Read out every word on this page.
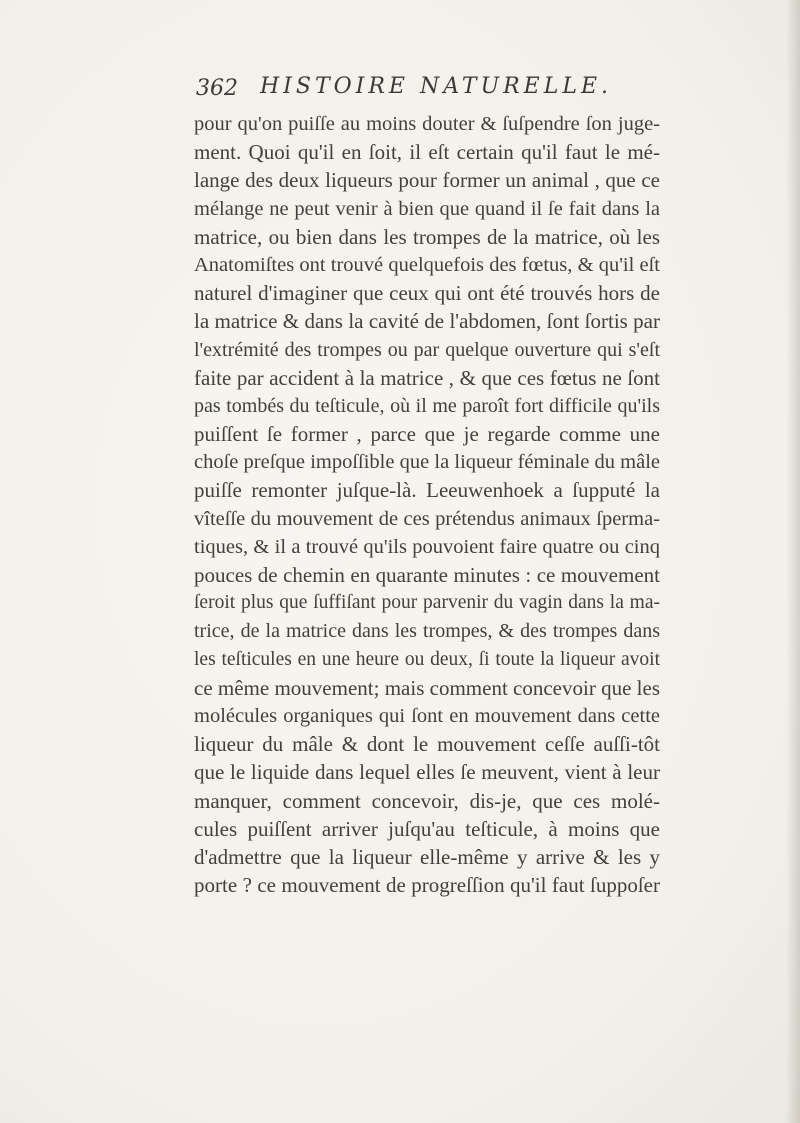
362 HISTOIRE NATURELLE.
pour qu'on puiſſe au moins douter & ſuſpendre ſon juge-
ment. Quoi qu'il en ſoit, il eſt certain qu'il faut le mé-
lange des deux liqueurs pour former un animal , que ce
mélange ne peut venir à bien que quand il ſe fait dans la
matrice, ou bien dans les trompes de la matrice, où les
Anatomiſtes ont trouvé quelquefois des fœtus, & qu'il eſt
naturel d'imaginer que ceux qui ont été trouvés hors de
la matrice & dans la cavité de l'abdomen, ſont ſortis par
l'extrémité des trompes ou par quelque ouverture qui s'eſt
faite par accident à la matrice , & que ces fœtus ne ſont
pas tombés du teſticule, où il me paroît fort difficile qu'ils
puiſſent ſe former , parce que je regarde comme une
choſe preſque impoſſible que la liqueur féminale du mâle
puiſſe remonter juſque-là. Leeuwenhoek a ſupputé la
vîteſſe du mouvement de ces prétendus animaux ſperma-
tiques, & il a trouvé qu'ils pouvoient faire quatre ou cinq
pouces de chemin en quarante minutes : ce mouvement
ſeroit plus que ſuffiſant pour parvenir du vagin dans la ma-
trice, de la matrice dans les trompes, & des trompes dans
les teſticules en une heure ou deux, ſi toute la liqueur avoit
ce même mouvement; mais comment concevoir que les
molécules organiques qui ſont en mouvement dans cette
liqueur du mâle & dont le mouvement ceſſe auſſi-tôt
que le liquide dans lequel elles ſe meuvent, vient à leur
manquer, comment concevoir, dis-je, que ces molé-
cules puiſſent arriver juſqu'au teſticule, à moins que
d'admettre que la liqueur elle-même y arrive & les y
porte ? ce mouvement de progreſſion qu'il faut ſuppoſer
